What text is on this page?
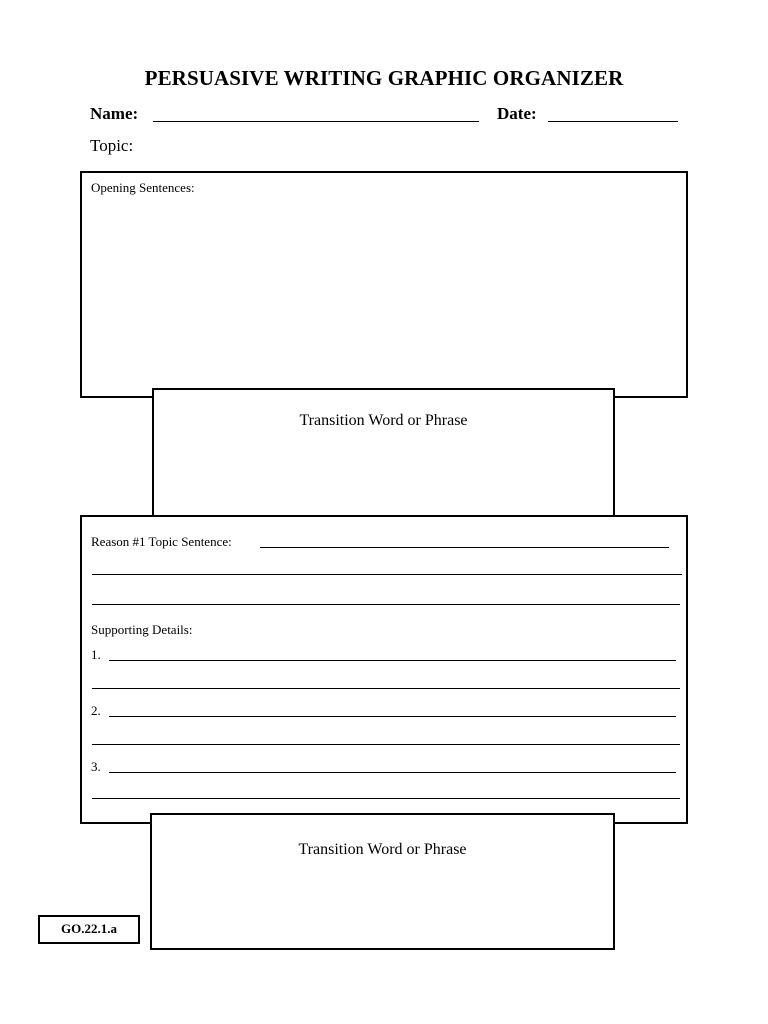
PERSUASIVE WRITING GRAPHIC ORGANIZER
Name:	Date:
Topic:
Opening Sentences:
Transition Word or Phrase
Reason #1 Topic Sentence:
Supporting Details:
1.
2.
3.
Transition Word or Phrase
GO.22.1.a
